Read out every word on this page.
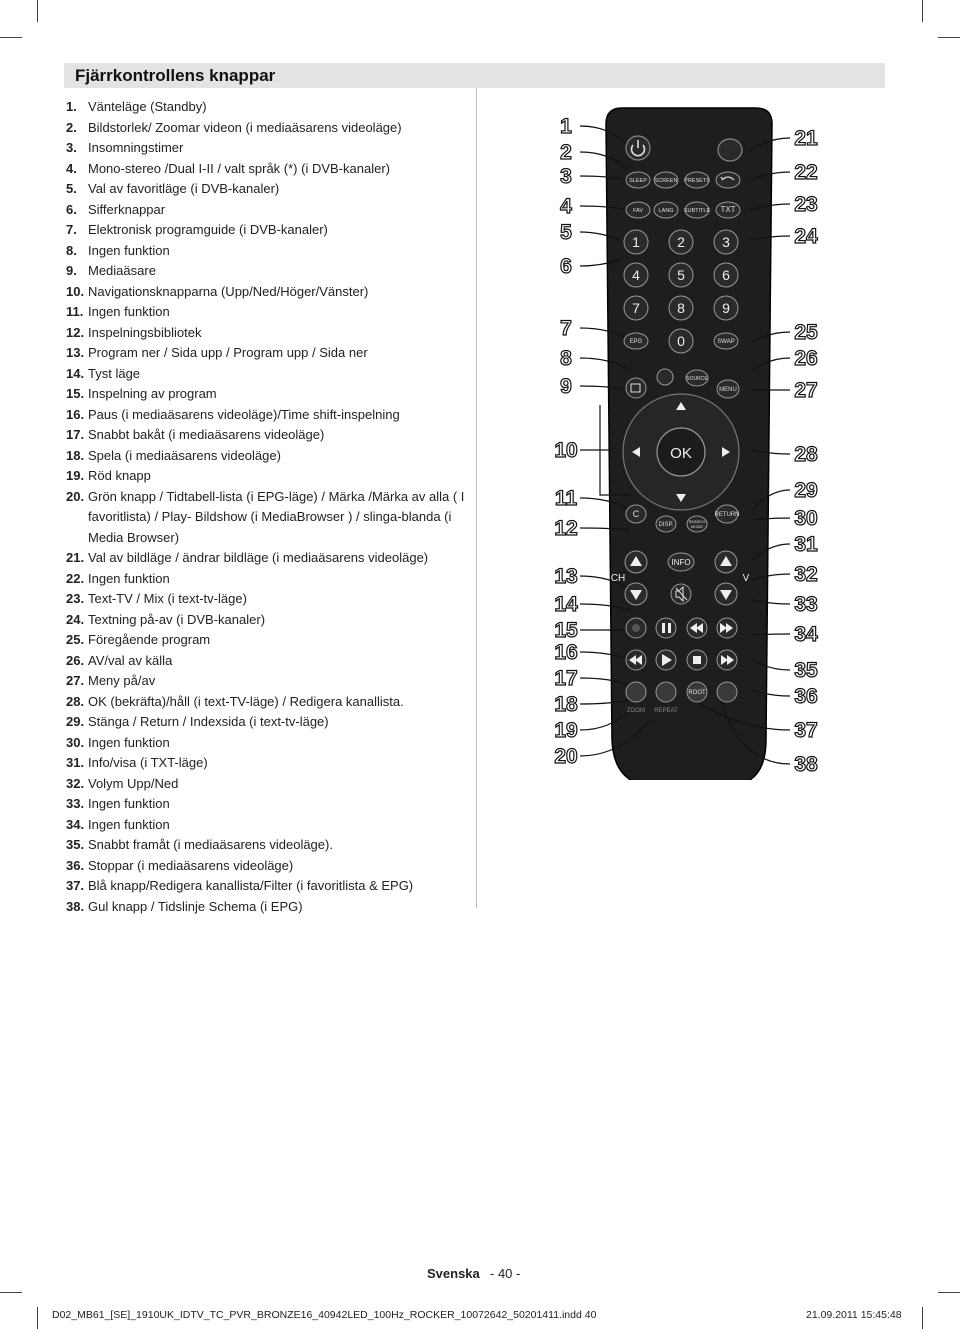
Fjärrkontrollens knappar
1. Vänteläge (Standby)
2. Bildstorlek/ Zoomar videon (i mediaäsarens videoläge)
3. Insomningstimer
4. Mono-stereo /Dual I-II / valt språk (*) (i DVB-kanaler)
5. Val av favoritläge (i DVB-kanaler)
6. Sifferknappar
7. Elektronisk programguide (i DVB-kanaler)
8. Ingen funktion
9. Mediaäsare
10. Navigationsknapparna (Upp/Ned/Höger/Vänster)
11. Ingen funktion
12. Inspelningsbibliotek
13. Program ner / Sida upp / Program upp / Sida ner
14. Tyst läge
15. Inspelning av program
16. Paus (i mediaäsarens videoläge)/Time shift-inspelning
17. Snabbt bakåt (i mediaäsarens videoläge)
18. Spela (i mediaäsarens videoläge)
19. Röd knapp
20. Grön knapp / Tidtabell-lista (i EPG-läge) / Märka /Märka av alla ( I favoritlista) / Play- Bildshow (i MediaBrowser ) / slinga-blanda (i Media Browser)
21. Val av bildläge / ändrar bildläge (i mediaäsarens videoläge)
22. Ingen funktion
23. Text-TV / Mix (i text-tv-läge)
24. Textning på-av (i DVB-kanaler)
25. Föregående program
26. AV/val av källa
27. Meny på/av
28. OK (bekräfta)/håll (i text-TV-läge) / Redigera kanallista.
29. Stänga / Return / Indexsida (i text-tv-läge)
30. Ingen funktion
31. Info/visa (i TXT-läge)
32. Volym Upp/Ned
33. Ingen funktion
34. Ingen funktion
35. Snabbt framåt (i mediaäsarens videoläge).
36. Stoppar (i mediaäsarens videoläge)
37. Blå knapp/Redigera kanallista/Filter (i favoritlista & EPG)
38. Gul knapp / Tidslinje Schema (i EPG)
1
2
3
4
5
6
7
8
9
10
11
12
13
14
15
16
17
18
19
20
21
22
23
24
25
26
27
28
29
30
31
32
33
34
35
36
37
38
SLEEP SCREEN PRESETS
FAV	LANG SUBTITLE TXT
1	2	3
4	5	6
7	8	9
0
EPG	SWAP
SOURCE
MENU
OK
C
DISP.
SEARCH
MODE
RETURN
CH
INFO
V
ROOT
ZOOM REPEAT
Svenska - 40 -
D02_MB61_[SE]_1910UK_IDTV_TC_PVR_BRONZE16_40942LED_100Hz_ROCKER_10072642_50201411.indd 40	21.09.2011 15:45:48
